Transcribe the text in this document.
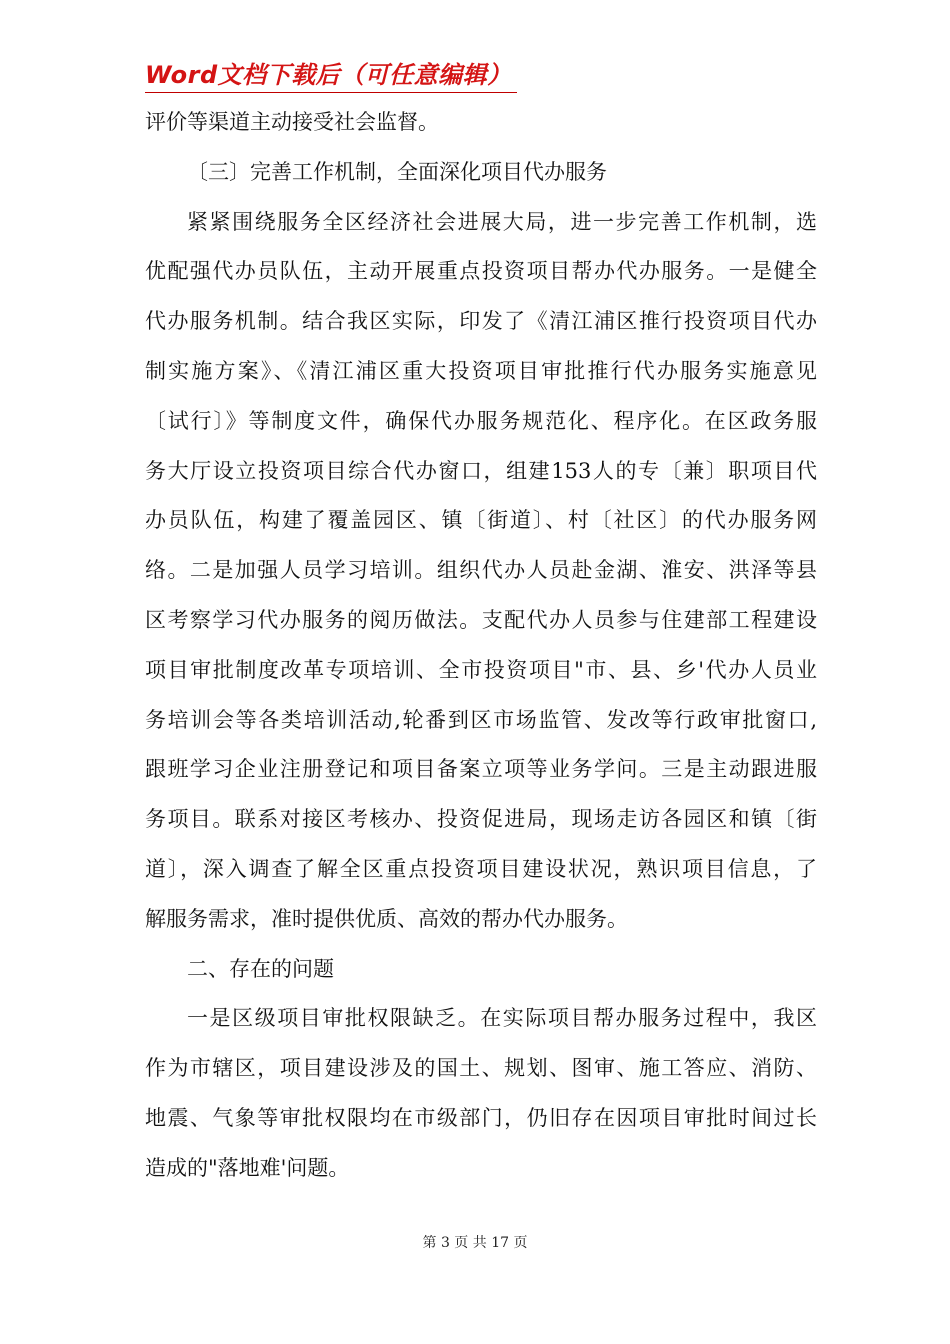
Word文档下载后（可任意编辑）
评价等渠道主动接受社会监督。
〔三〕完善工作机制，全面深化项目代办服务
紧紧围绕服务全区经济社会进展大局，进一步完善工作机制，选
优配强代办员队伍，主动开展重点投资项目帮办代办服务。一是健全
代办服务机制。结合我区实际，印发了《清江浦区推行投资项目代办
制实施方案》、《清江浦区重大投资项目审批推行代办服务实施意见
〔试行〕》等制度文件，确保代办服务规范化、程序化。在区政务服
务大厅设立投资项目综合代办窗口，组建153人的专〔兼〕职项目代
办员队伍，构建了覆盖园区、镇〔街道〕、村〔社区〕的代办服务网
络。二是加强人员学习培训。组织代办人员赴金湖、淮安、洪泽等县
区考察学习代办服务的阅历做法。支配代办人员参与住建部工程建设
项目审批制度改革专项培训、全市投资项目"市、县、乡'代办人员业
务培训会等各类培训活动,轮番到区市场监管、发改等行政审批窗口,
跟班学习企业注册登记和项目备案立项等业务学问。三是主动跟进服
务项目。联系对接区考核办、投资促进局，现场走访各园区和镇〔街
道〕，深入调查了解全区重点投资项目建设状况，熟识项目信息，了
解服务需求，准时提供优质、高效的帮办代办服务。
二、存在的问题
一是区级项目审批权限缺乏。在实际项目帮办服务过程中，我区
作为市辖区，项目建设涉及的国土、规划、图审、施工答应、消防、
地震、气象等审批权限均在市级部门，仍旧存在因项目审批时间过长
造成的"落地难'问题。
第 3 页 共 17 页
